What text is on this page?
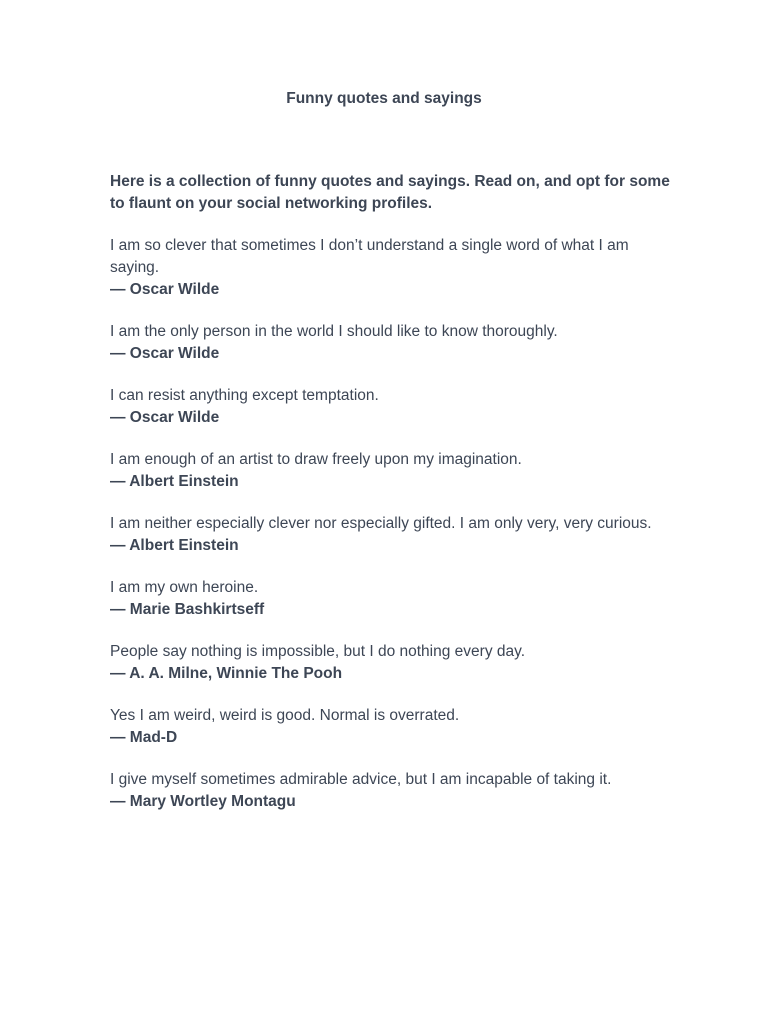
Funny quotes and sayings

Here is a collection of funny quotes and sayings. Read on, and opt for some to flaunt on your social networking profiles.

I am so clever that sometimes I don’t understand a single word of what I am saying.

— Oscar Wilde

I am the only person in the world I should like to know thoroughly.

— Oscar Wilde

I can resist anything except temptation.

— Oscar Wilde

I am enough of an artist to draw freely upon my imagination.

— Albert Einstein

I am neither especially clever nor especially gifted. I am only very, very curious.

— Albert Einstein

I am my own heroine.

— Marie Bashkirtseff

People say nothing is impossible, but I do nothing every day.

— A. A. Milne, Winnie The Pooh

Yes I am weird, weird is good. Normal is overrated.

— Mad-D

I give myself sometimes admirable advice, but I am incapable of taking it.

— Mary Wortley Montagu
